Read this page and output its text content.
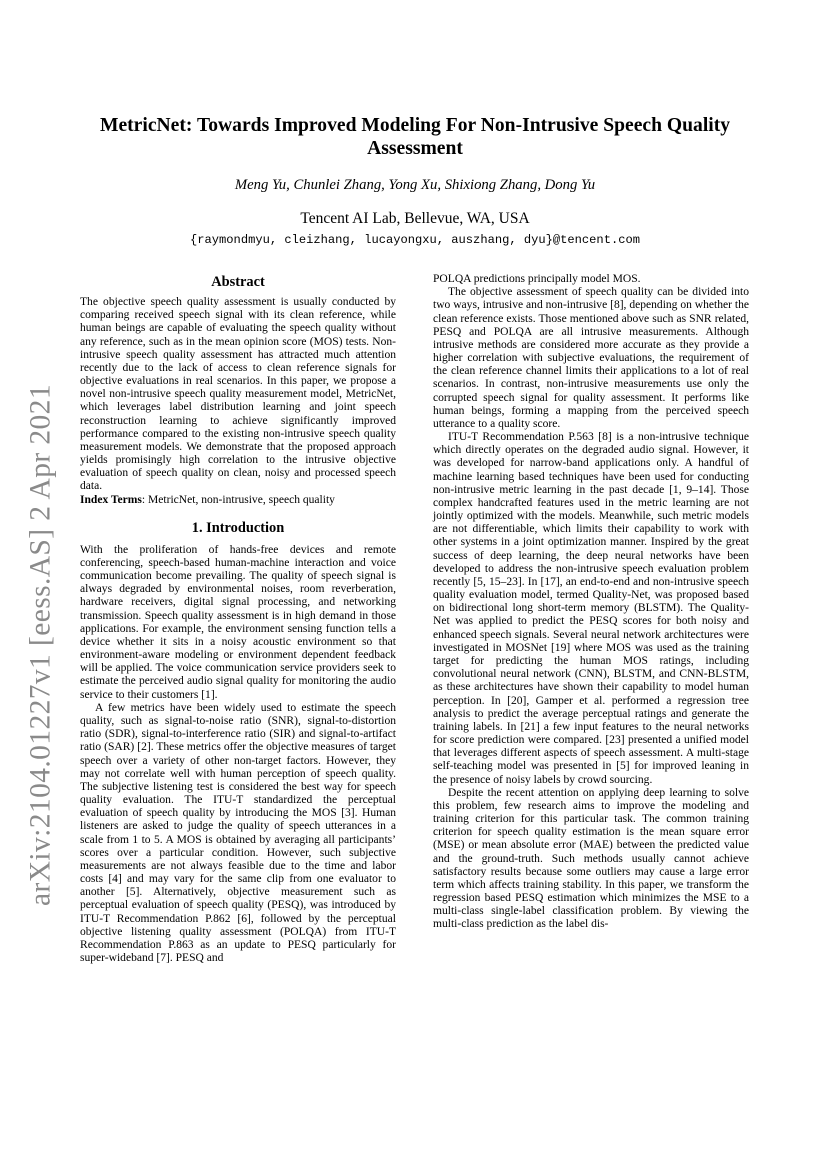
arXiv:2104.01227v1 [eess.AS] 2 Apr 2021
MetricNet: Towards Improved Modeling For Non-Intrusive Speech Quality
Assessment
Meng Yu, Chunlei Zhang, Yong Xu, Shixiong Zhang, Dong Yu
Tencent AI Lab, Bellevue, WA, USA
{raymondmyu, cleizhang, lucayongxu, auszhang, dyu}@tencent.com
Abstract

The objective speech quality assessment is usually conducted by comparing received speech signal with its clean reference, while human beings are capable of evaluating the speech quality without any reference, such as in the mean opinion score (MOS) tests. Non-intrusive speech quality assessment has attracted much attention recently due to the lack of access to clean reference signals for objective evaluations in real scenarios. In this paper, we propose a novel non-intrusive speech quality measurement model, MetricNet, which leverages label distribution learning and joint speech reconstruction learning to achieve significantly improved performance compared to the existing non-intrusive speech quality measurement models. We demonstrate that the proposed approach yields promisingly high correlation to the intrusive objective evaluation of speech quality on clean, noisy and processed speech data.

Index Terms: MetricNet, non-intrusive, speech quality

1. Introduction

With the proliferation of hands-free devices and remote conferencing, speech-based human-machine interaction and voice communication become prevailing. The quality of speech signal is always degraded by environmental noises, room reverberation, hardware receivers, digital signal processing, and networking transmission. Speech quality assessment is in high demand in those applications. For example, the environment sensing function tells a device whether it sits in a noisy acoustic environment so that environment-aware modeling or environment dependent feedback will be applied. The voice communication service providers seek to estimate the perceived audio signal quality for monitoring the audio service to their customers [1].

A few metrics have been widely used to estimate the speech quality, such as signal-to-noise ratio (SNR), signal-to-distortion ratio (SDR), signal-to-interference ratio (SIR) and signal-to-artifact ratio (SAR) [2]. These metrics offer the objective measures of target speech over a variety of other non-target factors. However, they may not correlate well with human perception of speech quality. The subjective listening test is considered the best way for speech quality evaluation. The ITU-T standardized the perceptual evaluation of speech quality by introducing the MOS [3]. Human listeners are asked to judge the quality of speech utterances in a scale from 1 to 5. A MOS is obtained by averaging all participants’ scores over a particular condition. However, such subjective measurements are not always feasible due to the time and labor costs [4] and may vary for the same clip from one evaluator to another [5]. Alternatively, objective measurement such as perceptual evaluation of speech quality (PESQ), was introduced by ITU-T Recommendation P.862 [6], followed by the perceptual objective listening quality assessment (POLQA) from ITU-T Recommendation P.863 as an update to PESQ particularly for super-wideband [7]. PESQ and

POLQA predictions principally model MOS.

The objective assessment of speech quality can be divided into two ways, intrusive and non-intrusive [8], depending on whether the clean reference exists. Those mentioned above such as SNR related, PESQ and POLQA are all intrusive measurements. Although intrusive methods are considered more accurate as they provide a higher correlation with subjective evaluations, the requirement of the clean reference channel limits their applications to a lot of real scenarios. In contrast, non-intrusive measurements use only the corrupted speech signal for quality assessment. It performs like human beings, forming a mapping from the perceived speech utterance to a quality score.

ITU-T Recommendation P.563 [8] is a non-intrusive technique which directly operates on the degraded audio signal. However, it was developed for narrow-band applications only. A handful of machine learning based techniques have been used for conducting non-intrusive metric learning in the past decade [1, 9–14]. Those complex handcrafted features used in the metric learning are not jointly optimized with the models. Meanwhile, such metric models are not differentiable, which limits their capability to work with other systems in a joint optimization manner. Inspired by the great success of deep learning, the deep neural networks have been developed to address the non-intrusive speech evaluation problem recently [5, 15–23]. In [17], an end-to-end and non-intrusive speech quality evaluation model, termed Quality-Net, was proposed based on bidirectional long short-term memory (BLSTM). The Quality-Net was applied to predict the PESQ scores for both noisy and enhanced speech signals. Several neural network architectures were investigated in MOSNet [19] where MOS was used as the training target for predicting the human MOS ratings, including convolutional neural network (CNN), BLSTM, and CNN-BLSTM, as these architectures have shown their capability to model human perception. In [20], Gamper et al. performed a regression tree analysis to predict the average perceptual ratings and generate the training labels. In [21] a few input features to the neural networks for score prediction were compared. [23] presented a unified model that leverages different aspects of speech assessment. A multi-stage self-teaching model was presented in [5] for improved leaning in the presence of noisy labels by crowd sourcing.

Despite the recent attention on applying deep learning to solve this problem, few research aims to improve the modeling and training criterion for this particular task. The common training criterion for speech quality estimation is the mean square error (MSE) or mean absolute error (MAE) between the predicted value and the ground-truth. Such methods usually cannot achieve satisfactory results because some outliers may cause a large error term which affects training stability. In this paper, we transform the regression based PESQ estimation which minimizes the MSE to a multi-class single-label classification problem. By viewing the multi-class prediction as the label dis-
